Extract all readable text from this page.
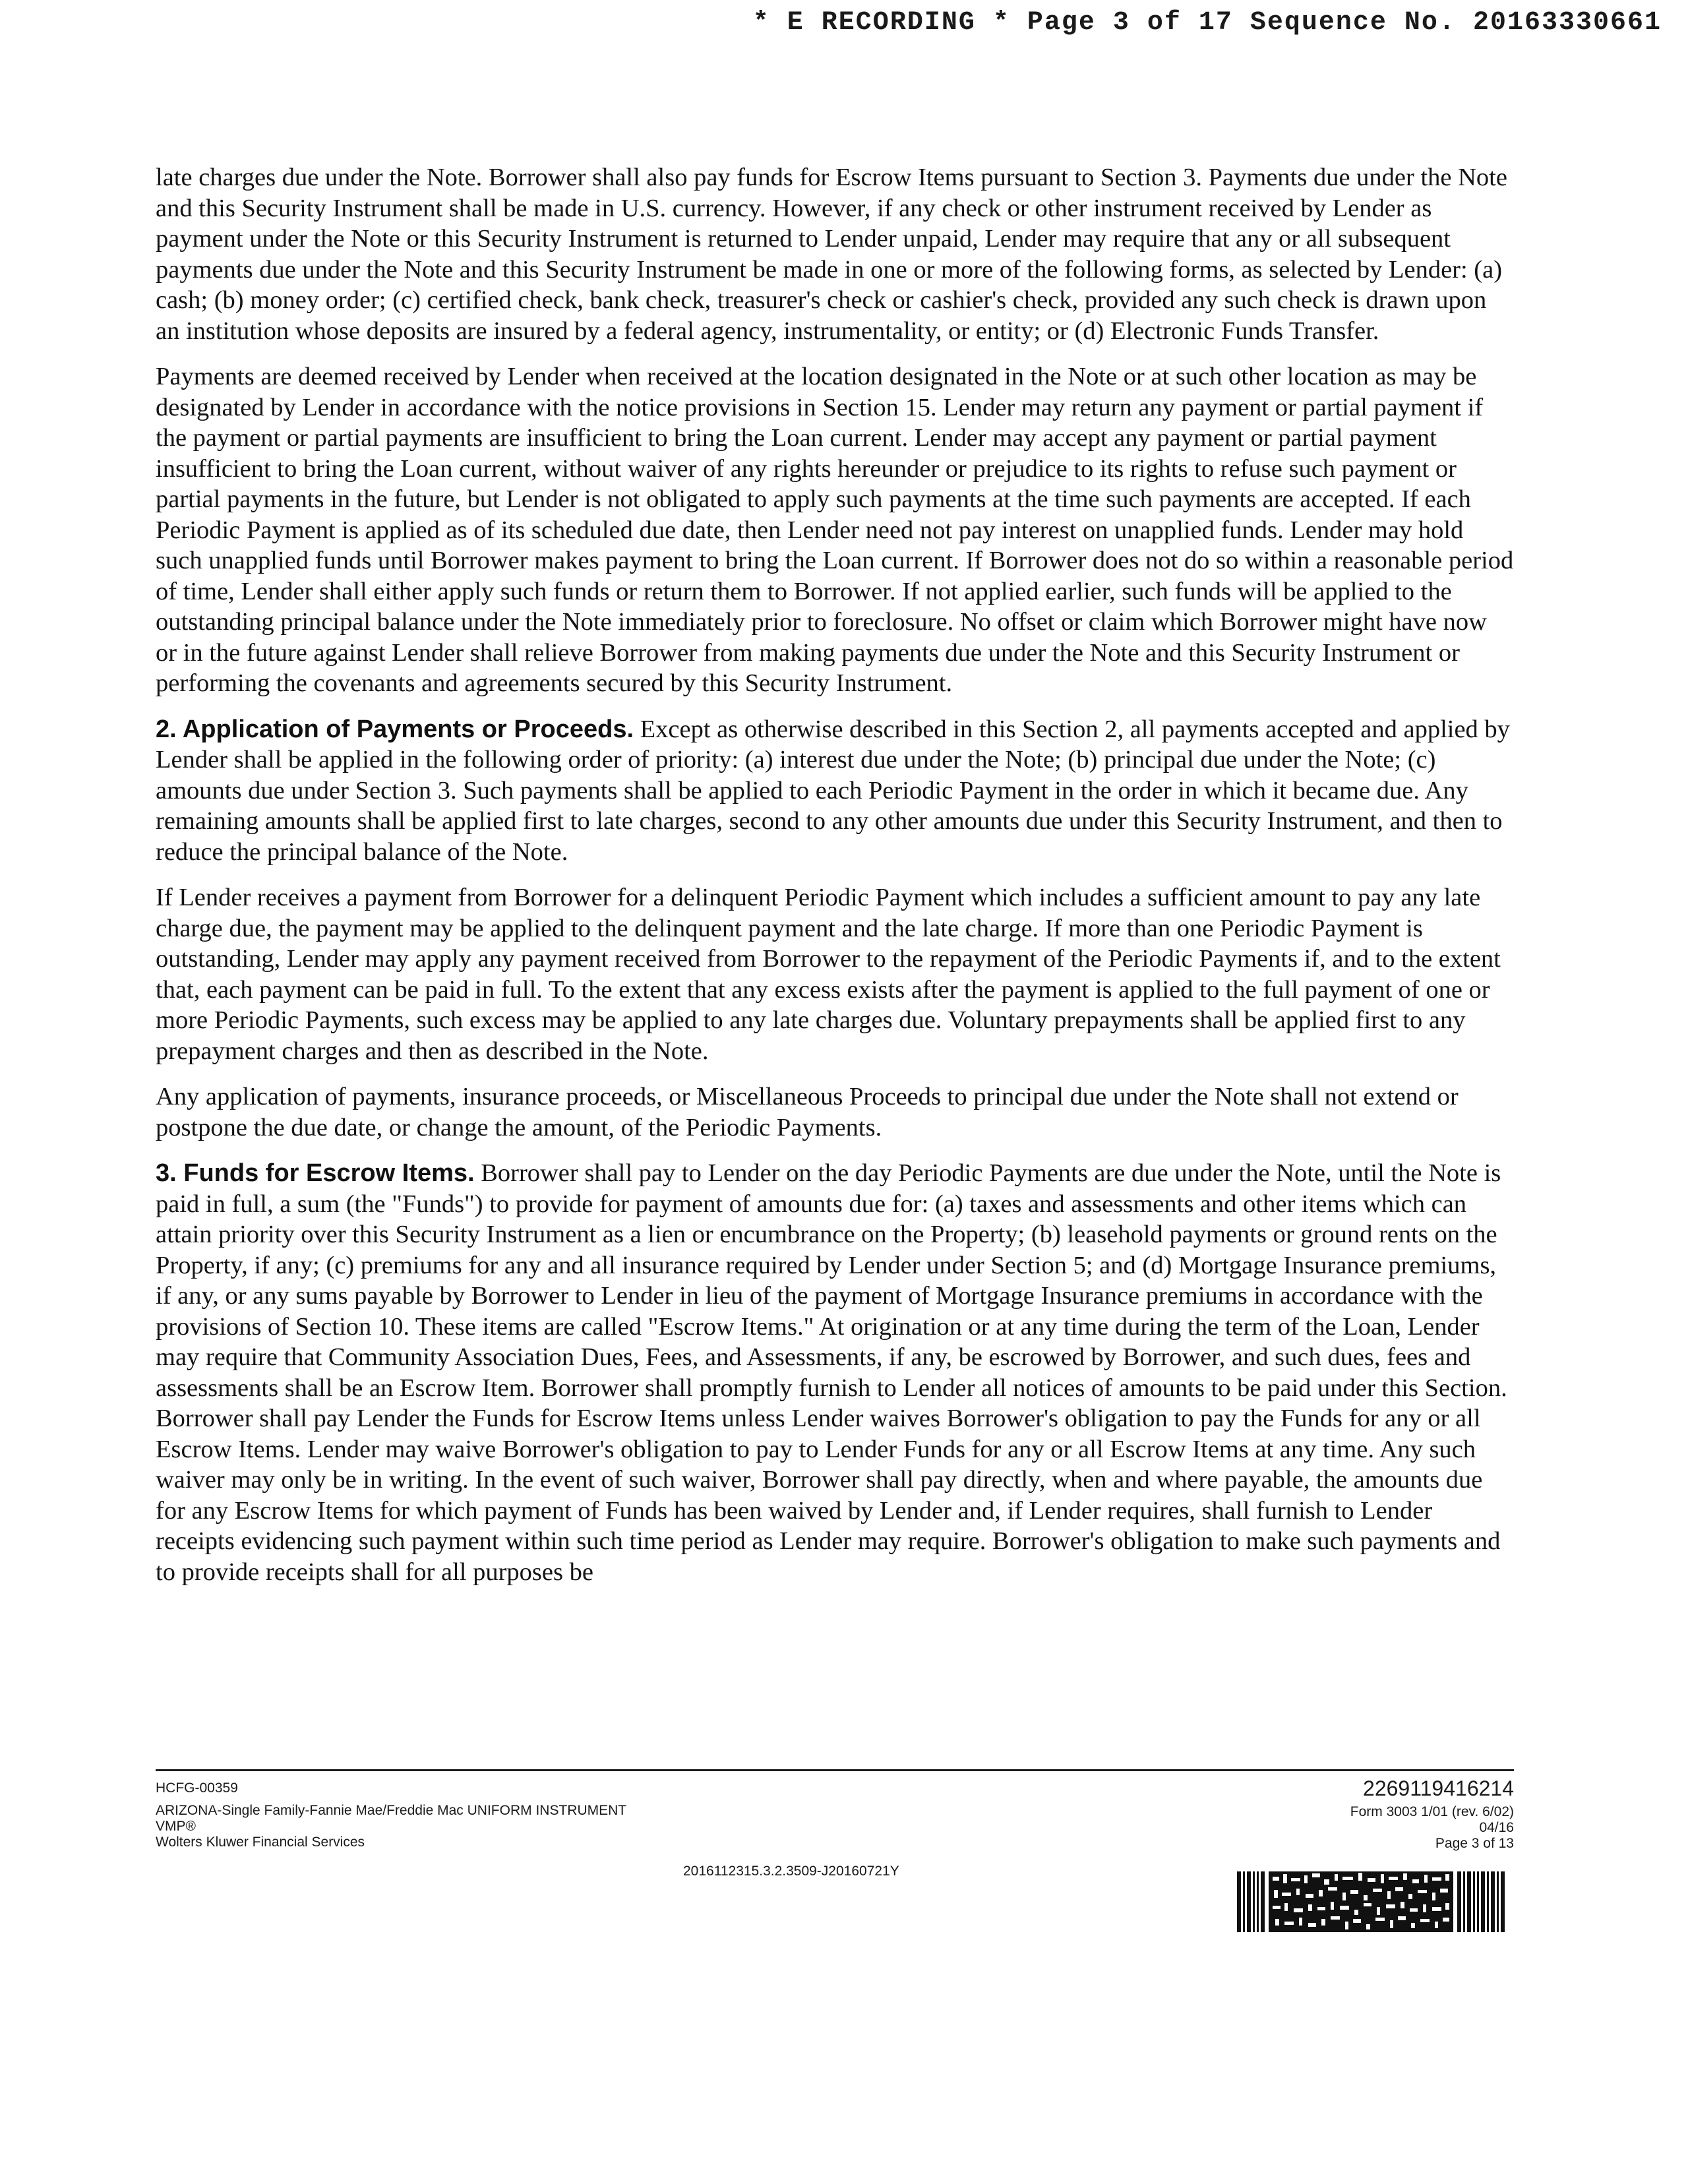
* E RECORDING * Page 3 of 17 Sequence No. 20163330661

late charges due under the Note. Borrower shall also pay funds for Escrow Items pursuant to Section 3. Payments due under the Note and this Security Instrument shall be made in U.S. currency. However, if any check or other instrument received by Lender as payment under the Note or this Security Instrument is returned to Lender unpaid, Lender may require that any or all subsequent payments due under the Note and this Security Instrument be made in one or more of the following forms, as selected by Lender: (a) cash; (b) money order; (c) certified check, bank check, treasurer's check or cashier's check, provided any such check is drawn upon an institution whose deposits are insured by a federal agency, instrumentality, or entity; or (d) Electronic Funds Transfer.

Payments are deemed received by Lender when received at the location designated in the Note or at such other location as may be designated by Lender in accordance with the notice provisions in Section 15. Lender may return any payment or partial payment if the payment or partial payments are insufficient to bring the Loan current. Lender may accept any payment or partial payment insufficient to bring the Loan current, without waiver of any rights hereunder or prejudice to its rights to refuse such payment or partial payments in the future, but Lender is not obligated to apply such payments at the time such payments are accepted. If each Periodic Payment is applied as of its scheduled due date, then Lender need not pay interest on unapplied funds. Lender may hold such unapplied funds until Borrower makes payment to bring the Loan current. If Borrower does not do so within a reasonable period of time, Lender shall either apply such funds or return them to Borrower. If not applied earlier, such funds will be applied to the outstanding principal balance under the Note immediately prior to foreclosure. No offset or claim which Borrower might have now or in the future against Lender shall relieve Borrower from making payments due under the Note and this Security Instrument or performing the covenants and agreements secured by this Security Instrument.

2. Application of Payments or Proceeds. Except as otherwise described in this Section 2, all payments accepted and applied by Lender shall be applied in the following order of priority: (a) interest due under the Note; (b) principal due under the Note; (c) amounts due under Section 3. Such payments shall be applied to each Periodic Payment in the order in which it became due. Any remaining amounts shall be applied first to late charges, second to any other amounts due under this Security Instrument, and then to reduce the principal balance of the Note.

If Lender receives a payment from Borrower for a delinquent Periodic Payment which includes a sufficient amount to pay any late charge due, the payment may be applied to the delinquent payment and the late charge. If more than one Periodic Payment is outstanding, Lender may apply any payment received from Borrower to the repayment of the Periodic Payments if, and to the extent that, each payment can be paid in full. To the extent that any excess exists after the payment is applied to the full payment of one or more Periodic Payments, such excess may be applied to any late charges due. Voluntary prepayments shall be applied first to any prepayment charges and then as described in the Note.

Any application of payments, insurance proceeds, or Miscellaneous Proceeds to principal due under the Note shall not extend or postpone the due date, or change the amount, of the Periodic Payments.

3. Funds for Escrow Items. Borrower shall pay to Lender on the day Periodic Payments are due under the Note, until the Note is paid in full, a sum (the "Funds") to provide for payment of amounts due for: (a) taxes and assessments and other items which can attain priority over this Security Instrument as a lien or encumbrance on the Property; (b) leasehold payments or ground rents on the Property, if any; (c) premiums for any and all insurance required by Lender under Section 5; and (d) Mortgage Insurance premiums, if any, or any sums payable by Borrower to Lender in lieu of the payment of Mortgage Insurance premiums in accordance with the provisions of Section 10. These items are called "Escrow Items." At origination or at any time during the term of the Loan, Lender may require that Community Association Dues, Fees, and Assessments, if any, be escrowed by Borrower, and such dues, fees and assessments shall be an Escrow Item. Borrower shall promptly furnish to Lender all notices of amounts to be paid under this Section. Borrower shall pay Lender the Funds for Escrow Items unless Lender waives Borrower's obligation to pay the Funds for any or all Escrow Items. Lender may waive Borrower's obligation to pay to Lender Funds for any or all Escrow Items at any time. Any such waiver may only be in writing. In the event of such waiver, Borrower shall pay directly, when and where payable, the amounts due for any Escrow Items for which payment of Funds has been waived by Lender and, if Lender requires, shall furnish to Lender receipts evidencing such payment within such time period as Lender may require. Borrower's obligation to make such payments and to provide receipts shall for all purposes be

HCFG-00359
ARIZONA-Single Family-Fannie Mae/Freddie Mac UNIFORM INSTRUMENT
VMP®
Wolters Kluwer Financial Services
2016112315.3.2.3509-J20160721Y
2269119416214
Form 3003 1/01 (rev. 6/02)
04/16
Page 3 of 13
